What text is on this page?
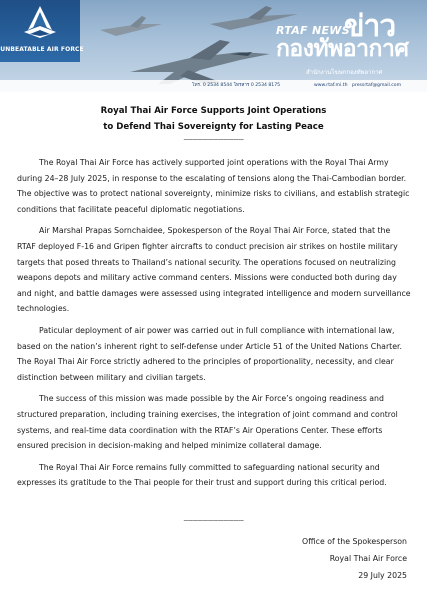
UNBEATABLE AIR FORCE
RTAF NEWS
ข่าว
กองทัพอากาศ
สำนักงานโฆษกกองทัพอากาศ
โทร. 0 2534 8544 โทรสาร 0 2534 8175	www.rtaf.mi.th pressrtaf@gmail.com
Royal Thai Air Force Supports Joint Operations
to Defend Thai Sovereignty for Lasting Peace
------------------------------------

The Royal Thai Air Force has actively supported joint operations with the Royal Thai Army during 24–28 July 2025, in response to the escalating of tensions along the Thai-Cambodian border. The objective was to protect national sovereignty, minimize risks to civilians, and establish strategic conditions that facilitate peaceful diplomatic negotiations.

Air Marshal Prapas Sornchaidee, Spokesperson of the Royal Thai Air Force, stated that the RTAF deployed F-16 and Gripen fighter aircrafts to conduct precision air strikes on hostile military targets that posed threats to Thailand’s national security. The operations focused on neutralizing weapons depots and military active command centers. Missions were conducted both during day and night, and battle damages were assessed using integrated intelligence and modern surveillance technologies.

Paticular deployment of air power was carried out in full compliance with international law, based on the nation’s inherent right to self-defense under Article 51 of the United Nations Charter. The Royal Thai Air Force strictly adhered to the principles of proportionality, necessity, and clear distinction between military and civilian targets.

The success of this mission was made possible by the Air Force’s ongoing readiness and structured preparation, including training exercises, the integration of joint command and control systems, and real-time data coordination with the RTAF’s Air Operations Center. These efforts ensured precision in decision-making and helped minimize collateral damage.

The Royal Thai Air Force remains fully committed to safeguarding national security and expresses its gratitude to the Thai people for their trust and support during this critical period.

------------------------------------
Office of the Spokesperson
Royal Thai Air Force
29 July 2025
